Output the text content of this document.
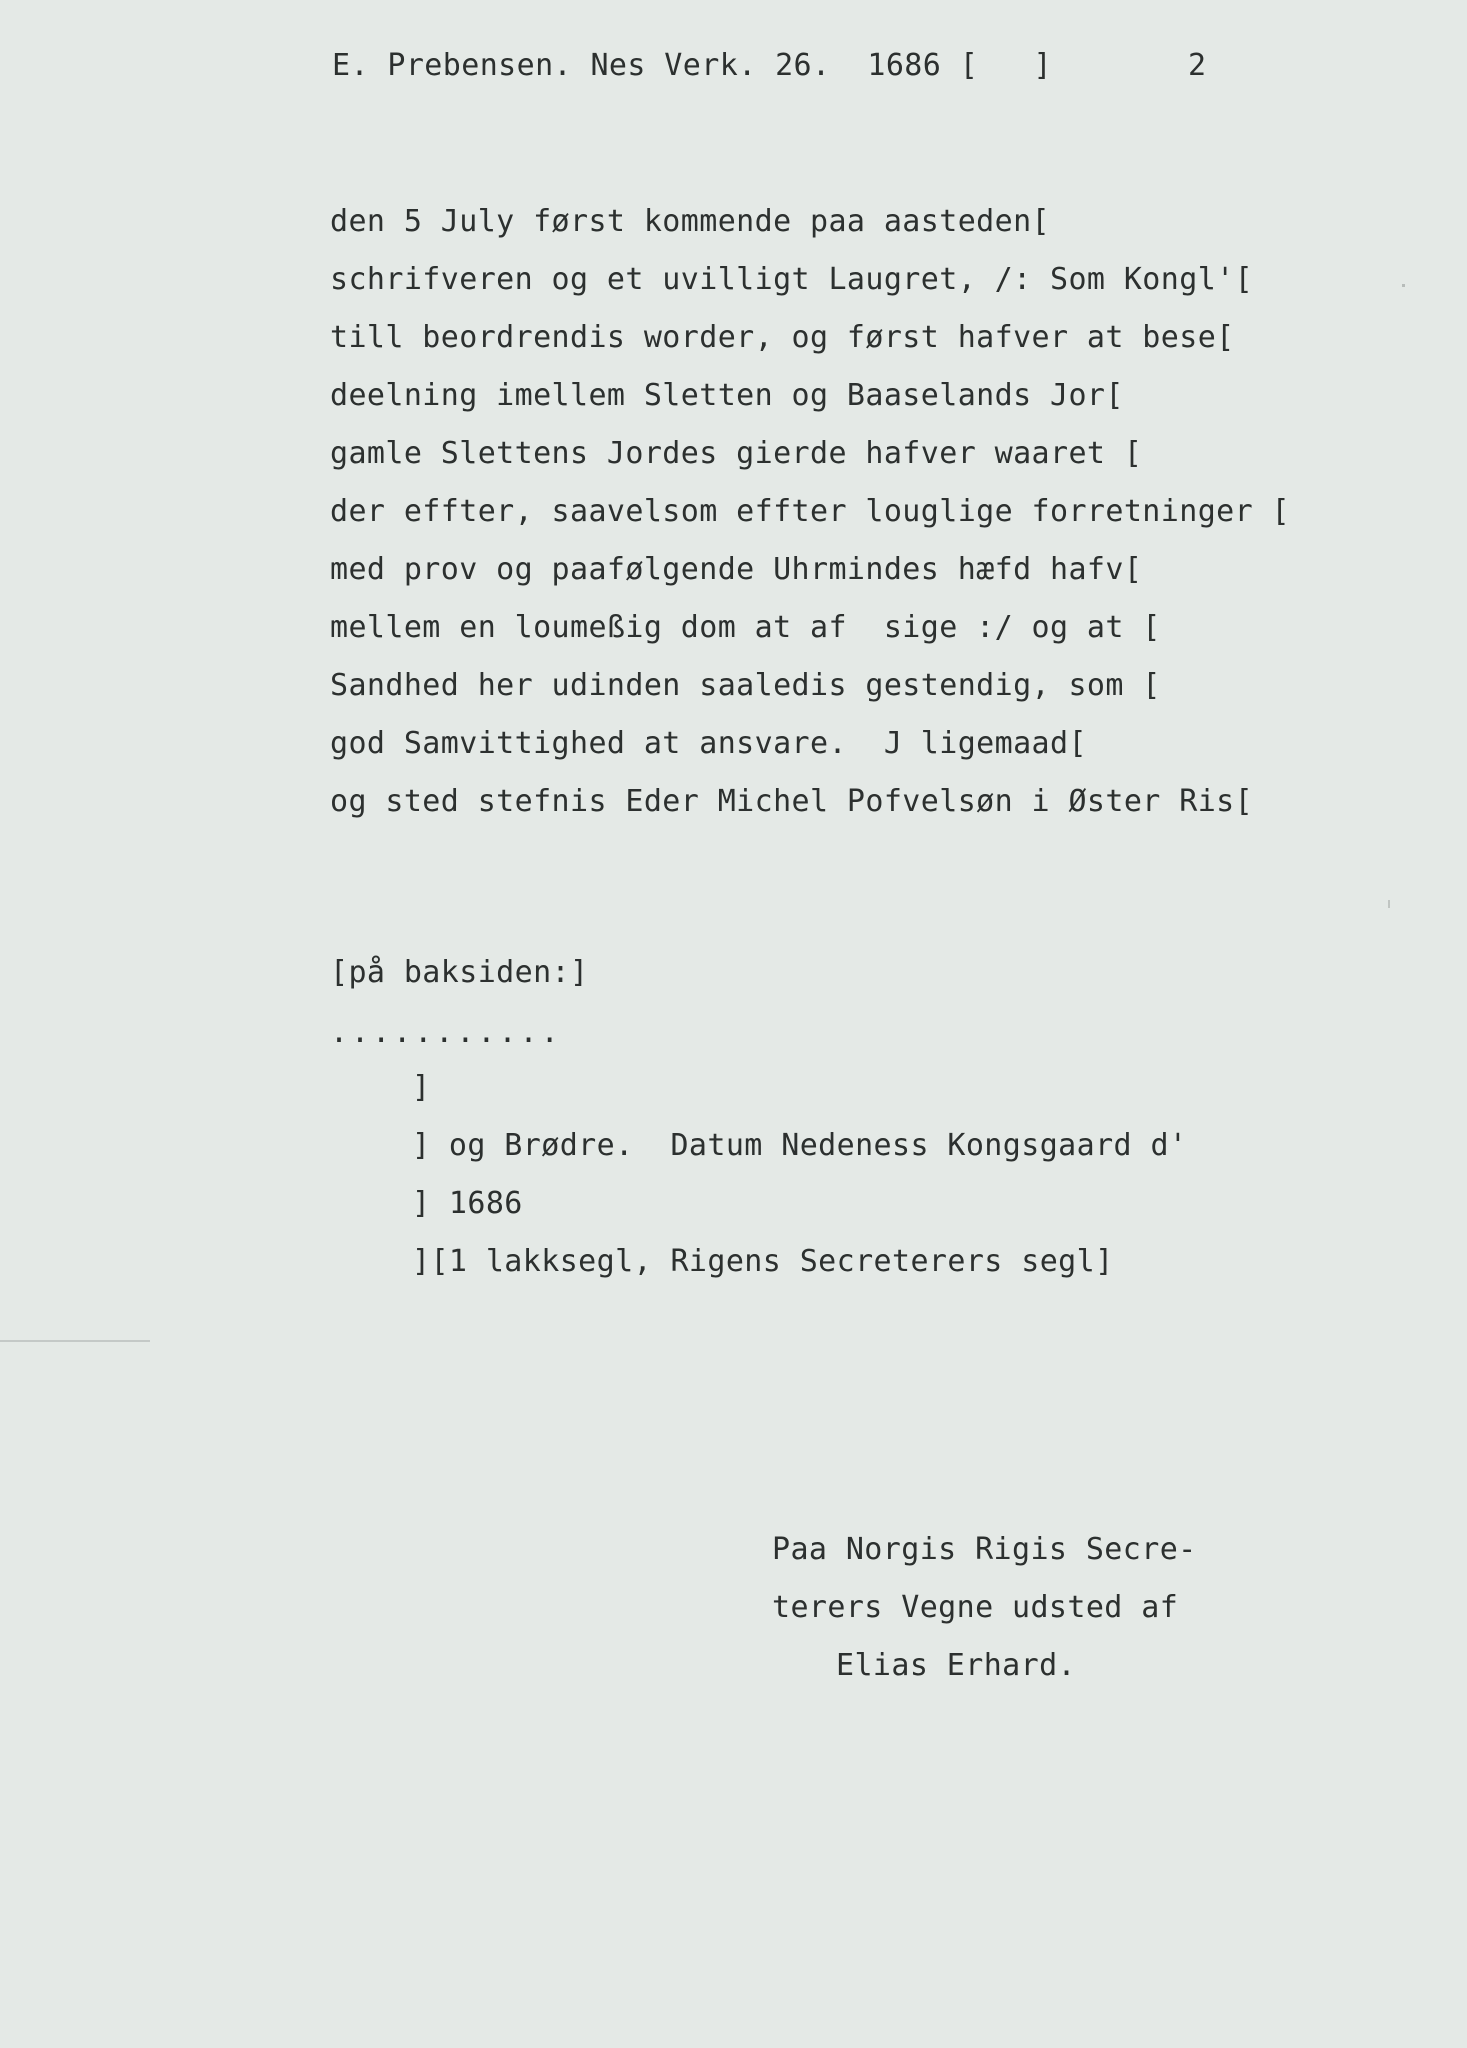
E. Prebensen. Nes Verk. 26.  1686 [   ]	2
den 5 July først kommende paa aasteden[
schrifveren og et uvilligt Laugret, /: Som Kongl'[
till beordrendis worder, og først hafver at bese[
deelning imellem Sletten og Baaselands Jor[
gamle Slettens Jordes gierde hafver waaret [
der effter, saavelsom effter louglige forretninger [
med prov og paafølgende Uhrmindes hæfd hafv[
mellem en loumeßig dom at af  sige :/ og at [
Sandhed her udinden saaledis gestendig, som [
god Samvittighed at ansvare.  J ligemaad[
og sted stefnis Eder Michel Pofvelsøn i Øster Ris[
[på baksiden:]
...........
]
] og Brødre.  Datum Nedeness Kongsgaard d'
] 1686
][1 lakksegl, Rigens Secreterers segl]
Paa Norgis Rigis Secre-
terers Vegne udsted af
Elias Erhard.
